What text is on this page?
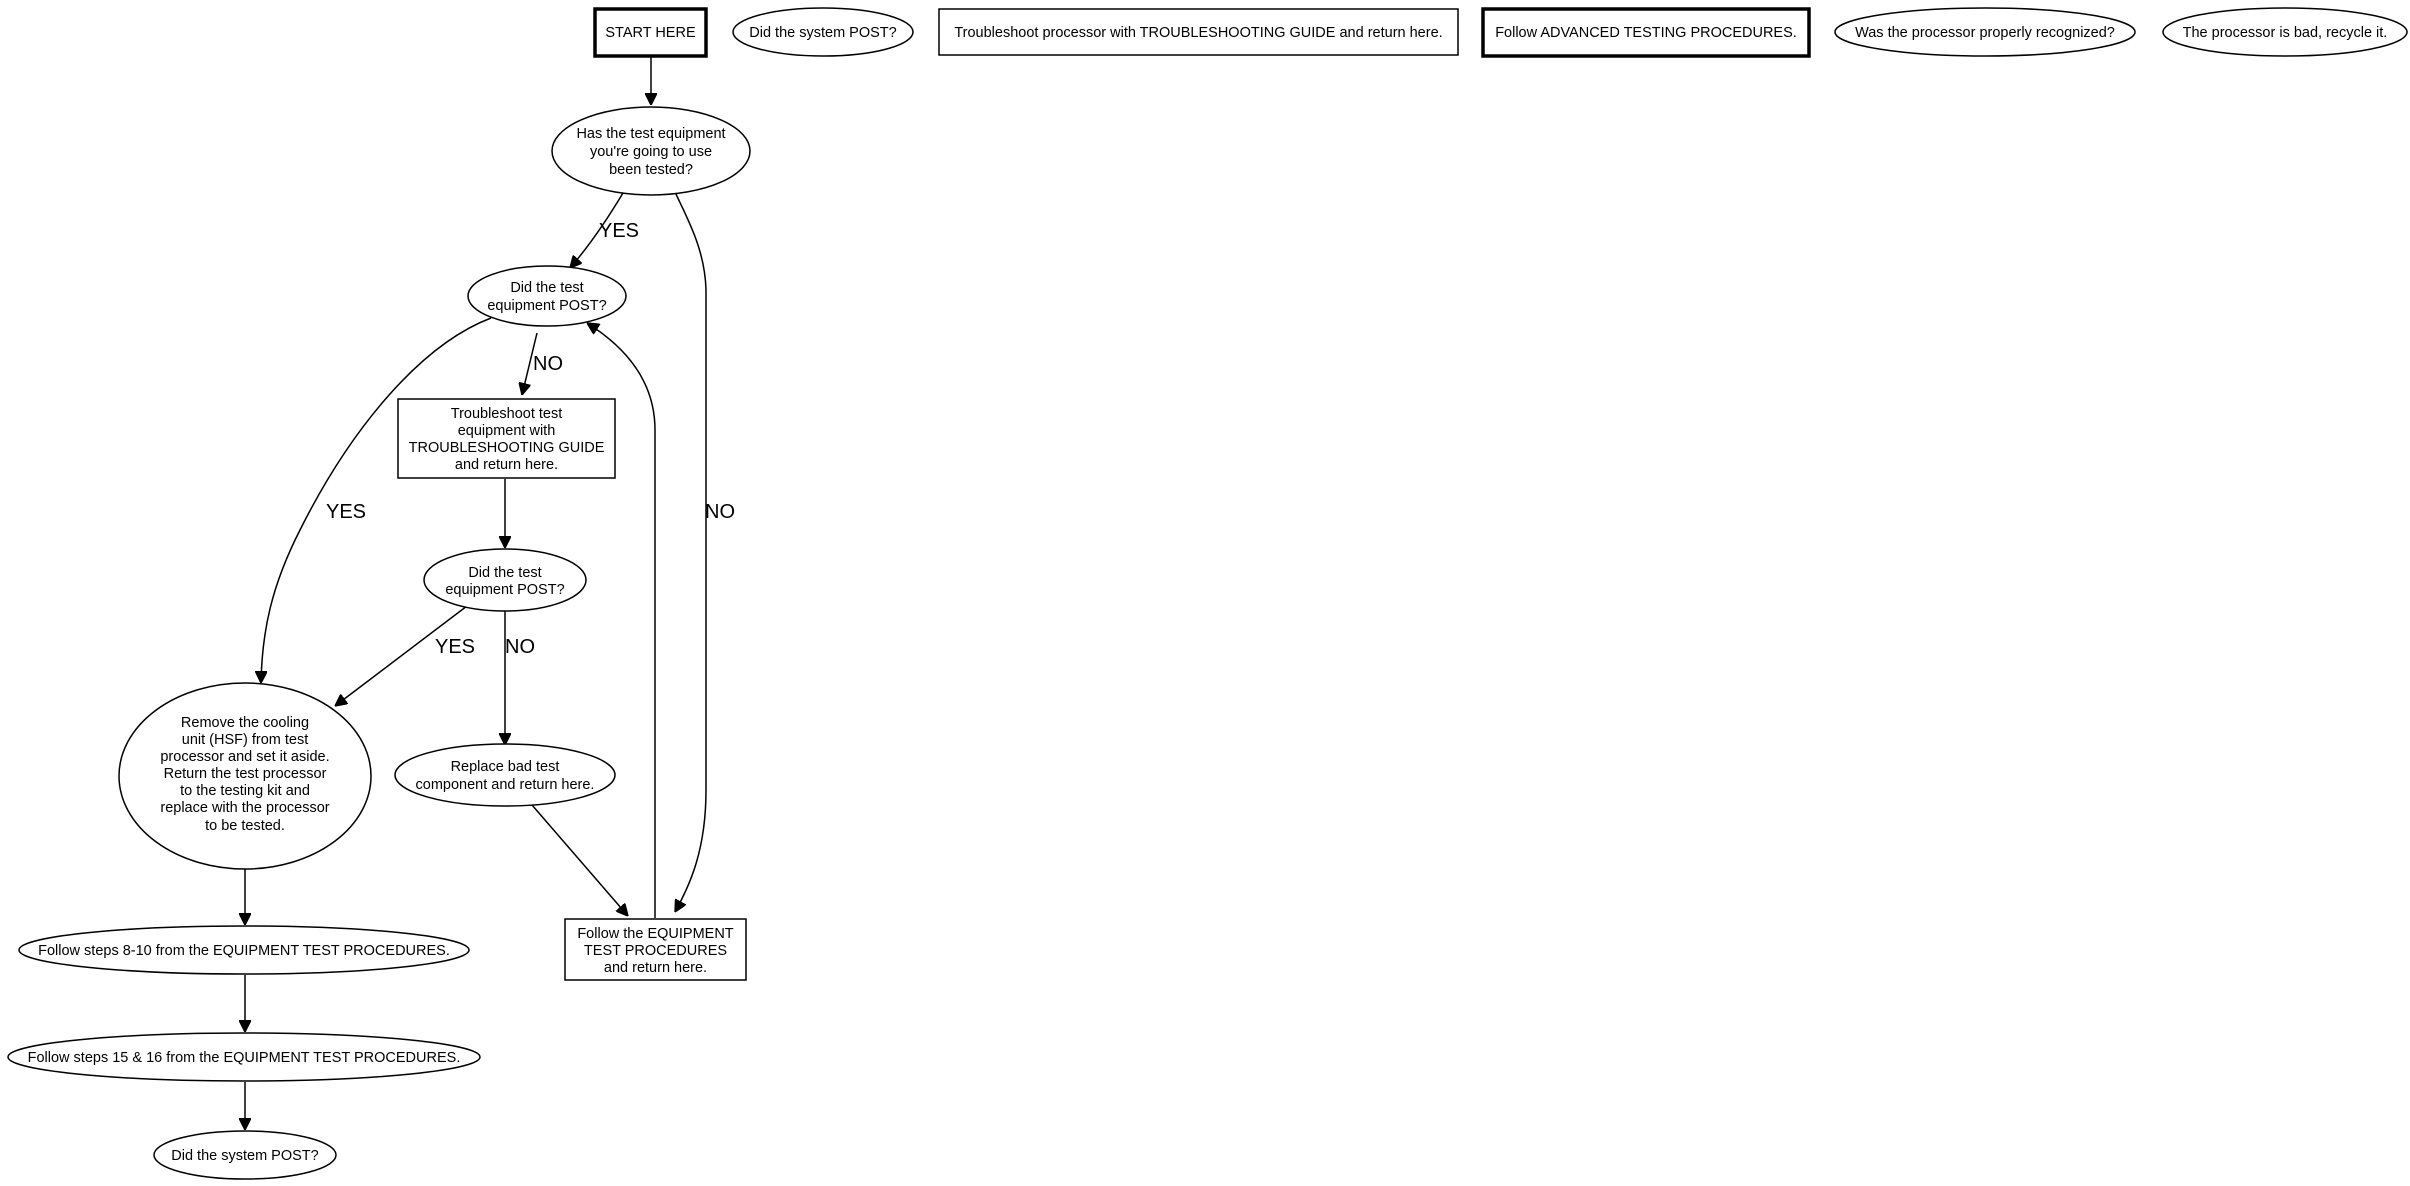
YES
NO
NO
YES
YES NO
START HERE
Has the test equipment
you're going to use
been tested?
Did the test
equipment POST?
Troubleshoot test
equipment with
TROUBLESHOOTING GUIDE
and return here.
Did the test
equipment POST?
Remove the cooling
unit (HSF) from test
processor and set it aside.
Return the test processor
to the testing kit and
replace with the processor
to be tested.
Replace bad test
component and return here.
Follow the EQUIPMENT
TEST PROCEDURES
and return here.
Follow steps 8-10 from the EQUIPMENT TEST PROCEDURES.
Follow steps 15 & 16 from the EQUIPMENT TEST PROCEDURES.
Did the system POST?
Did the system POST?	Troubleshoot processor with TROUBLESHOOTING GUIDE and return here.	Follow ADVANCED TESTING PROCEDURES.	Was the processor properly recognized?	The processor is bad, recycle it.
